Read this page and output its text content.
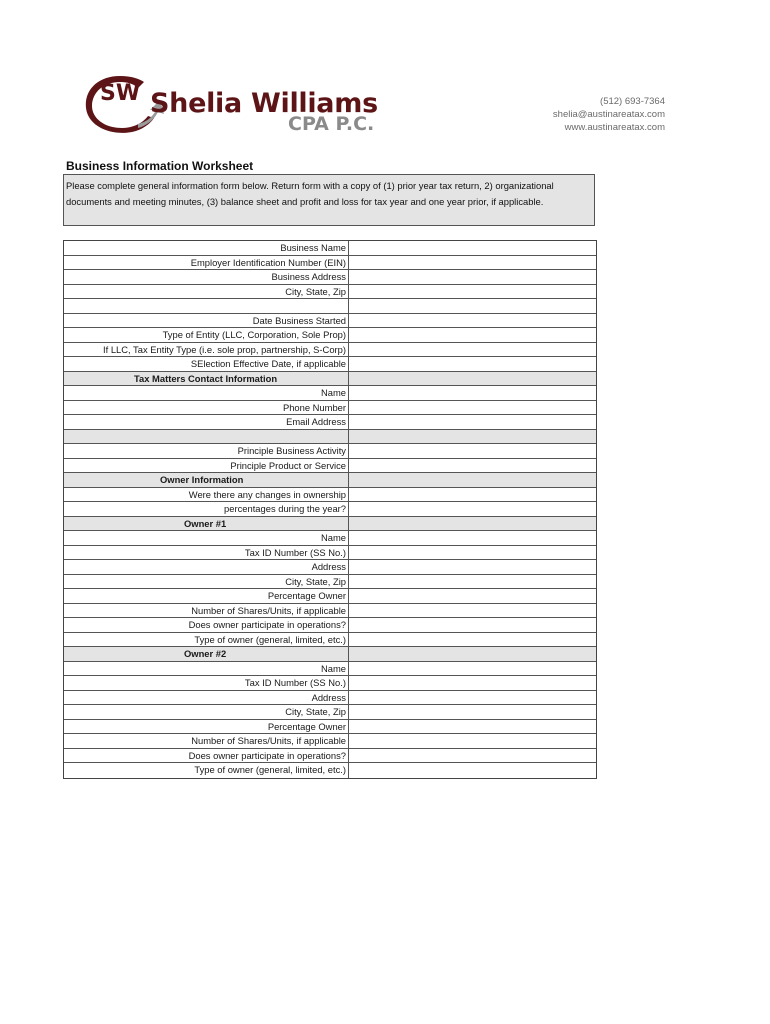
SW Shelia Williams
CPA P.C.
(512) 693-7364
shelia@austinareatax.com
www.austinareatax.com
Business Information Worksheet
Please complete general information form below. Return form with a copy of (1) prior year tax return, 2) organizational documents and meeting minutes, (3) balance sheet and profit and loss for tax year and one year prior, if applicable.
Business Name
Employer Identification Number (EIN)
Business Address
City, State, Zip
Date Business Started
Type of Entity (LLC, Corporation, Sole Prop)
If LLC, Tax Entity Type (i.e. sole prop, partnership, S-Corp)
SElection Effective Date, if applicable
Tax Matters Contact Information
Name
Phone Number
Email Address
Principle Business Activity
Principle Product or Service
Owner Information
Were there any changes in ownership
percentages during the year?
Owner #1
Name
Tax ID Number (SS No.)
Address
City, State, Zip
Percentage Owner
Number of Shares/Units, if applicable
Does owner participate in operations?
Type of owner (general, limited, etc.)
Owner #2
Name
Tax ID Number (SS No.)
Address
City, State, Zip
Percentage Owner
Number of Shares/Units, if applicable
Does owner participate in operations?
Type of owner (general, limited, etc.)
